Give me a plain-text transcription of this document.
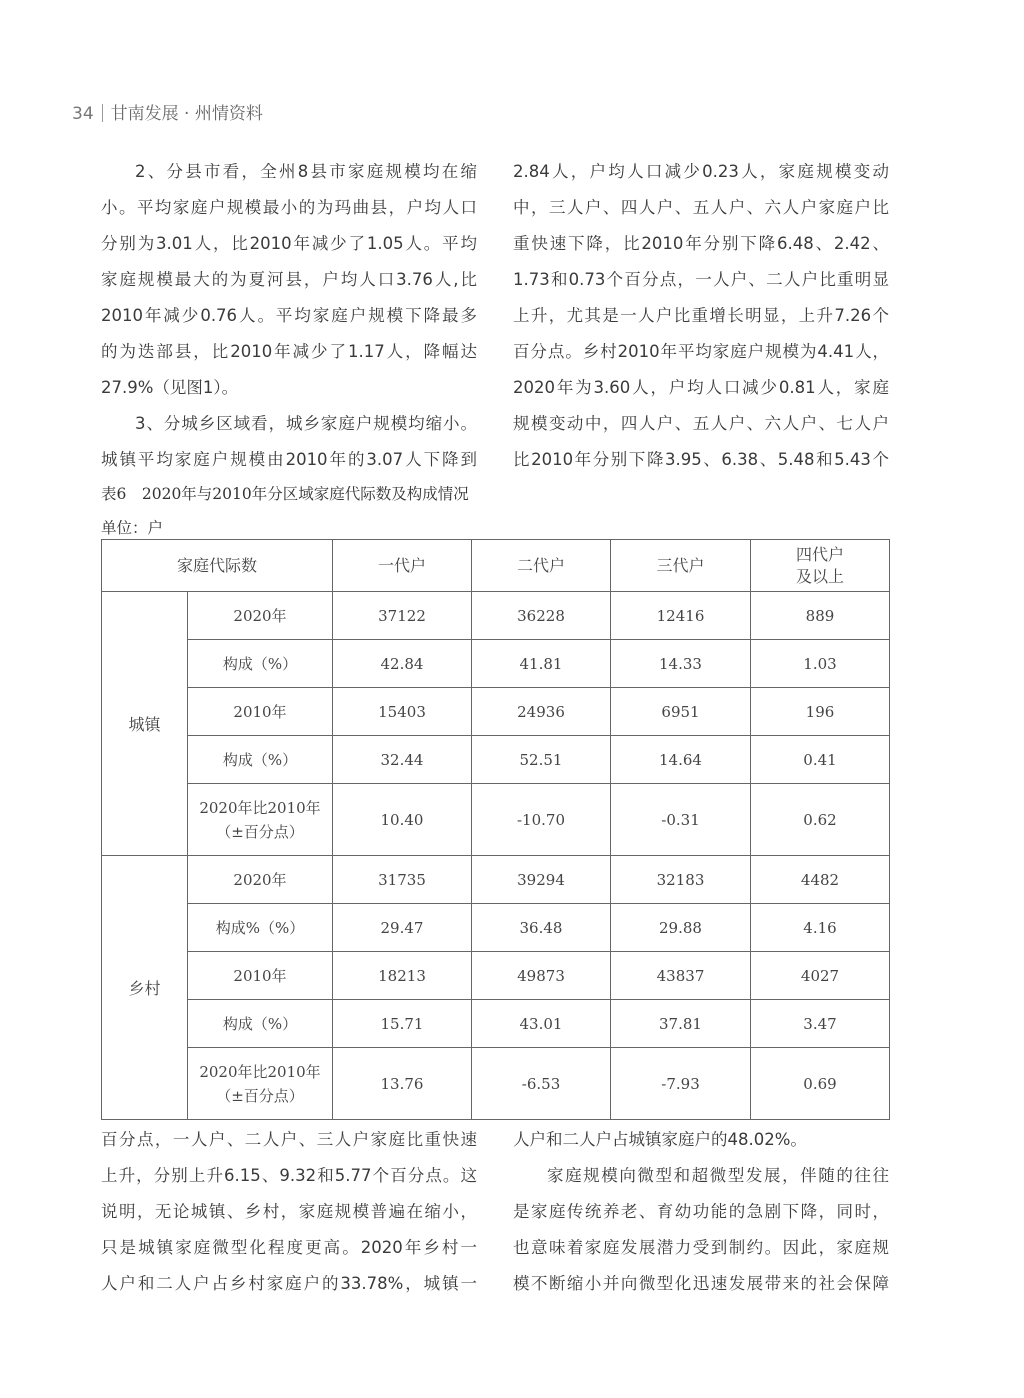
34 甘南发展 · 州情资料
2、分县市看，全州8县市家庭规模均在缩
小。平均家庭户规模最小的为玛曲县，户均人口
分别为3.01人，比2010年减少了1.05人。平均
家庭规模最大的为夏河县，户均人口3.76人,比
2010年减少0.76人。平均家庭户规模下降最多
的为迭部县，比2010年减少了1.17人，降幅达
27.9%（见图1）。
3、分城乡区域看，城乡家庭户规模均缩小。
城镇平均家庭户规模由2010年的3.07人下降到
2.84人，户均人口减少0.23人，家庭规模变动
中，三人户、四人户、五人户、六人户家庭户比
重快速下降，比2010年分别下降6.48、2.42、
1.73和0.73个百分点，一人户、二人户比重明显
上升，尤其是一人户比重增长明显，上升7.26个
百分点。乡村2010年平均家庭户规模为4.41人，
2020年为3.60人，户均人口减少0.81人，家庭
规模变动中，四人户、五人户、六人户、七人户
比2010年分别下降3.95、6.38、5.48和5.43个
表6　2020年与2010年分区域家庭代际数及构成情况
单位：户
家庭代际数		一代户	二代户	三代户	四代户
及以上
城镇	2020年	37122	36228	12416	889
	构成（%）	42.84	41.81	14.33	1.03
	2010年	15403	24936	6951	196
	构成（%）	32.44	52.51	14.64	0.41
	2020年比2010年
（±百分点）	10.40	-10.70	-0.31	0.62
乡村	2020年	31735	39294	32183	4482
	构成%（%）	29.47	36.48	29.88	4.16
	2010年	18213	49873	43837	4027
	构成（%）	15.71	43.01	37.81	3.47
	2020年比2010年
（±百分点）	13.76	-6.53	-7.93	0.69
百分点，一人户、二人户、三人户家庭比重快速
上升，分别上升6.15、9.32和5.77个百分点。这
说明，无论城镇、乡村，家庭规模普遍在缩小，
只是城镇家庭微型化程度更高。2020年乡村一
人户和二人户占乡村家庭户的33.78%，城镇一
人户和二人户占城镇家庭户的48.02%。
家庭规模向微型和超微型发展，伴随的往往
是家庭传统养老、育幼功能的急剧下降，同时，
也意味着家庭发展潜力受到制约。因此，家庭规
模不断缩小并向微型化迅速发展带来的社会保障
